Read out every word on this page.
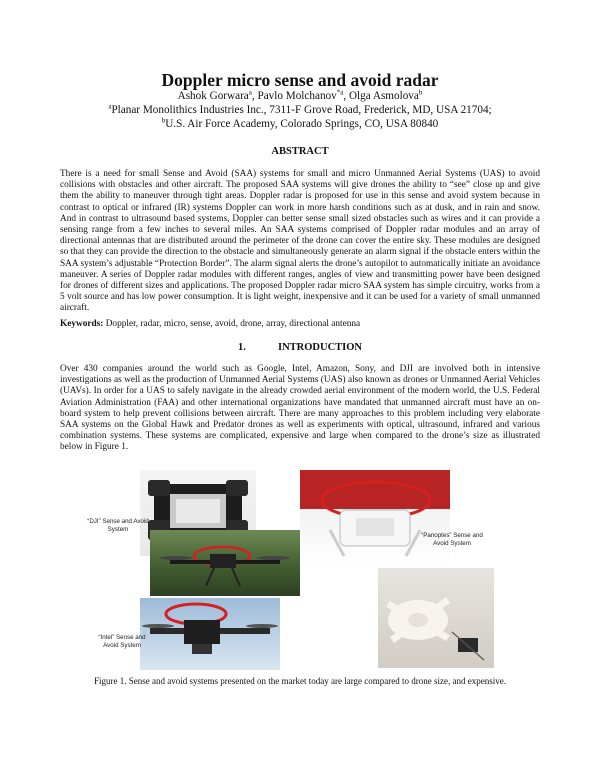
Doppler micro sense and avoid radar
Ashok Gorwara$^a$, Pavlo Molchanov$^{*a}$, Olga Asmolova$^b$
$^a$Planar Monolithics Industries Inc., 7311-F Grove Road, Frederick, MD, USA 21704;
$^b$U.S. Air Force Academy, Colorado Springs, CO, USA 80840
ABSTRACT
There is a need for small Sense and Avoid (SAA) systems for small and micro Unmanned Aerial Systems (UAS) to avoid collisions with obstacles and other aircraft. The proposed SAA systems will give drones the ability to “see” close up and give them the ability to maneuver through tight areas. Doppler radar is proposed for use in this sense and avoid system because in contrast to optical or infrared (IR) systems Doppler can work in more harsh conditions such as at dusk, and in rain and snow. And in contrast to ultrasound based systems, Doppler can better sense small sized obstacles such as wires and it can provide a sensing range from a few inches to several miles. An SAA systems comprised of Doppler radar modules and an array of directional antennas that are distributed around the perimeter of the drone can cover the entire sky. These modules are designed so that they can provide the direction to the obstacle and simultaneously generate an alarm signal if the obstacle enters within the SAA system’s adjustable “Protection Border”. The alarm signal alerts the drone’s autopilot to automatically initiate an avoidance maneuver. A series of Doppler radar modules with different ranges, angles of view and transmitting power have been designed for drones of different sizes and applications. The proposed Doppler radar micro SAA system has simple circuitry, works from a 5 volt source and has low power consumption. It is light weight, inexpensive and it can be used for a variety of small unmanned aircraft.
Keywords: Doppler, radar, micro, sense, avoid, drone, array, directional antenna
1.	INTRODUCTION
Over 430 companies around the world such as Google, Intel, Amazon, Sony, and DJI are involved both in intensive investigations as well as the production of Unmanned Aerial Systems (UAS) also known as drones or Unmanned Aerial Vehicles (UAVs). In order for a UAS to safely navigate in the already crowded aerial environment of the modern world, the U.S. Federal Aviation Administration (FAA) and other international organizations have mandated that unmanned aircraft must have an on-board system to help prevent collisions between aircraft. There are many approaches to this problem including very elaborate SAA systems on the Global Hawk and Predator drones as well as experiments with optical, ultrasound, infrared and various combination systems. These systems are complicated, expensive and large when compared to the drone’s size as illustrated below in Figure 1.
“DJI” Sense and Avoid System
“Panoptes” Sense and Avoid System
“Intel” Sense and Avoid System
Figure 1. Sense and avoid systems presented on the market today are large compared to drone size, and expensive.
